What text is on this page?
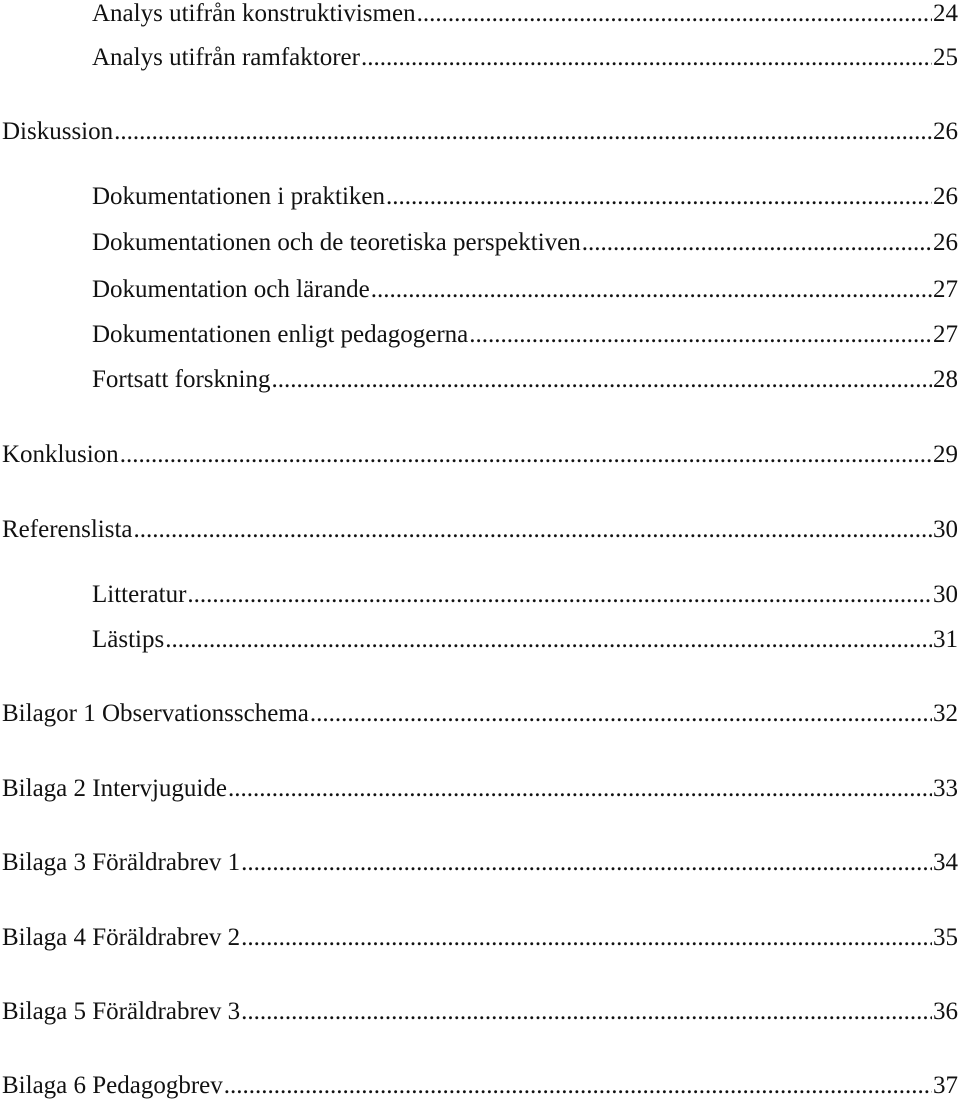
Analys utifrån konstruktivismen .....	24
Analys utifrån ramfaktorer .....	25
Diskussion .....	26
Dokumentationen i praktiken .....	26
Dokumentationen och de teoretiska perspektiven .....	26
Dokumentation och lärande .....	27
Dokumentationen enligt pedagogerna .....	27
Fortsatt forskning .....	28
Konklusion .....	29
Referenslista .....	30
Litteratur .....	30
Lästips .....	31
Bilagor 1 Observationsschema .....	32
Bilaga 2 Intervjuguide .....	33
Bilaga 3 Föräldrabrev 1 .....	34
Bilaga 4 Föräldrabrev 2 .....	35
Bilaga 5 Föräldrabrev 3 .....	36
Bilaga 6 Pedagogbrev .....	37
